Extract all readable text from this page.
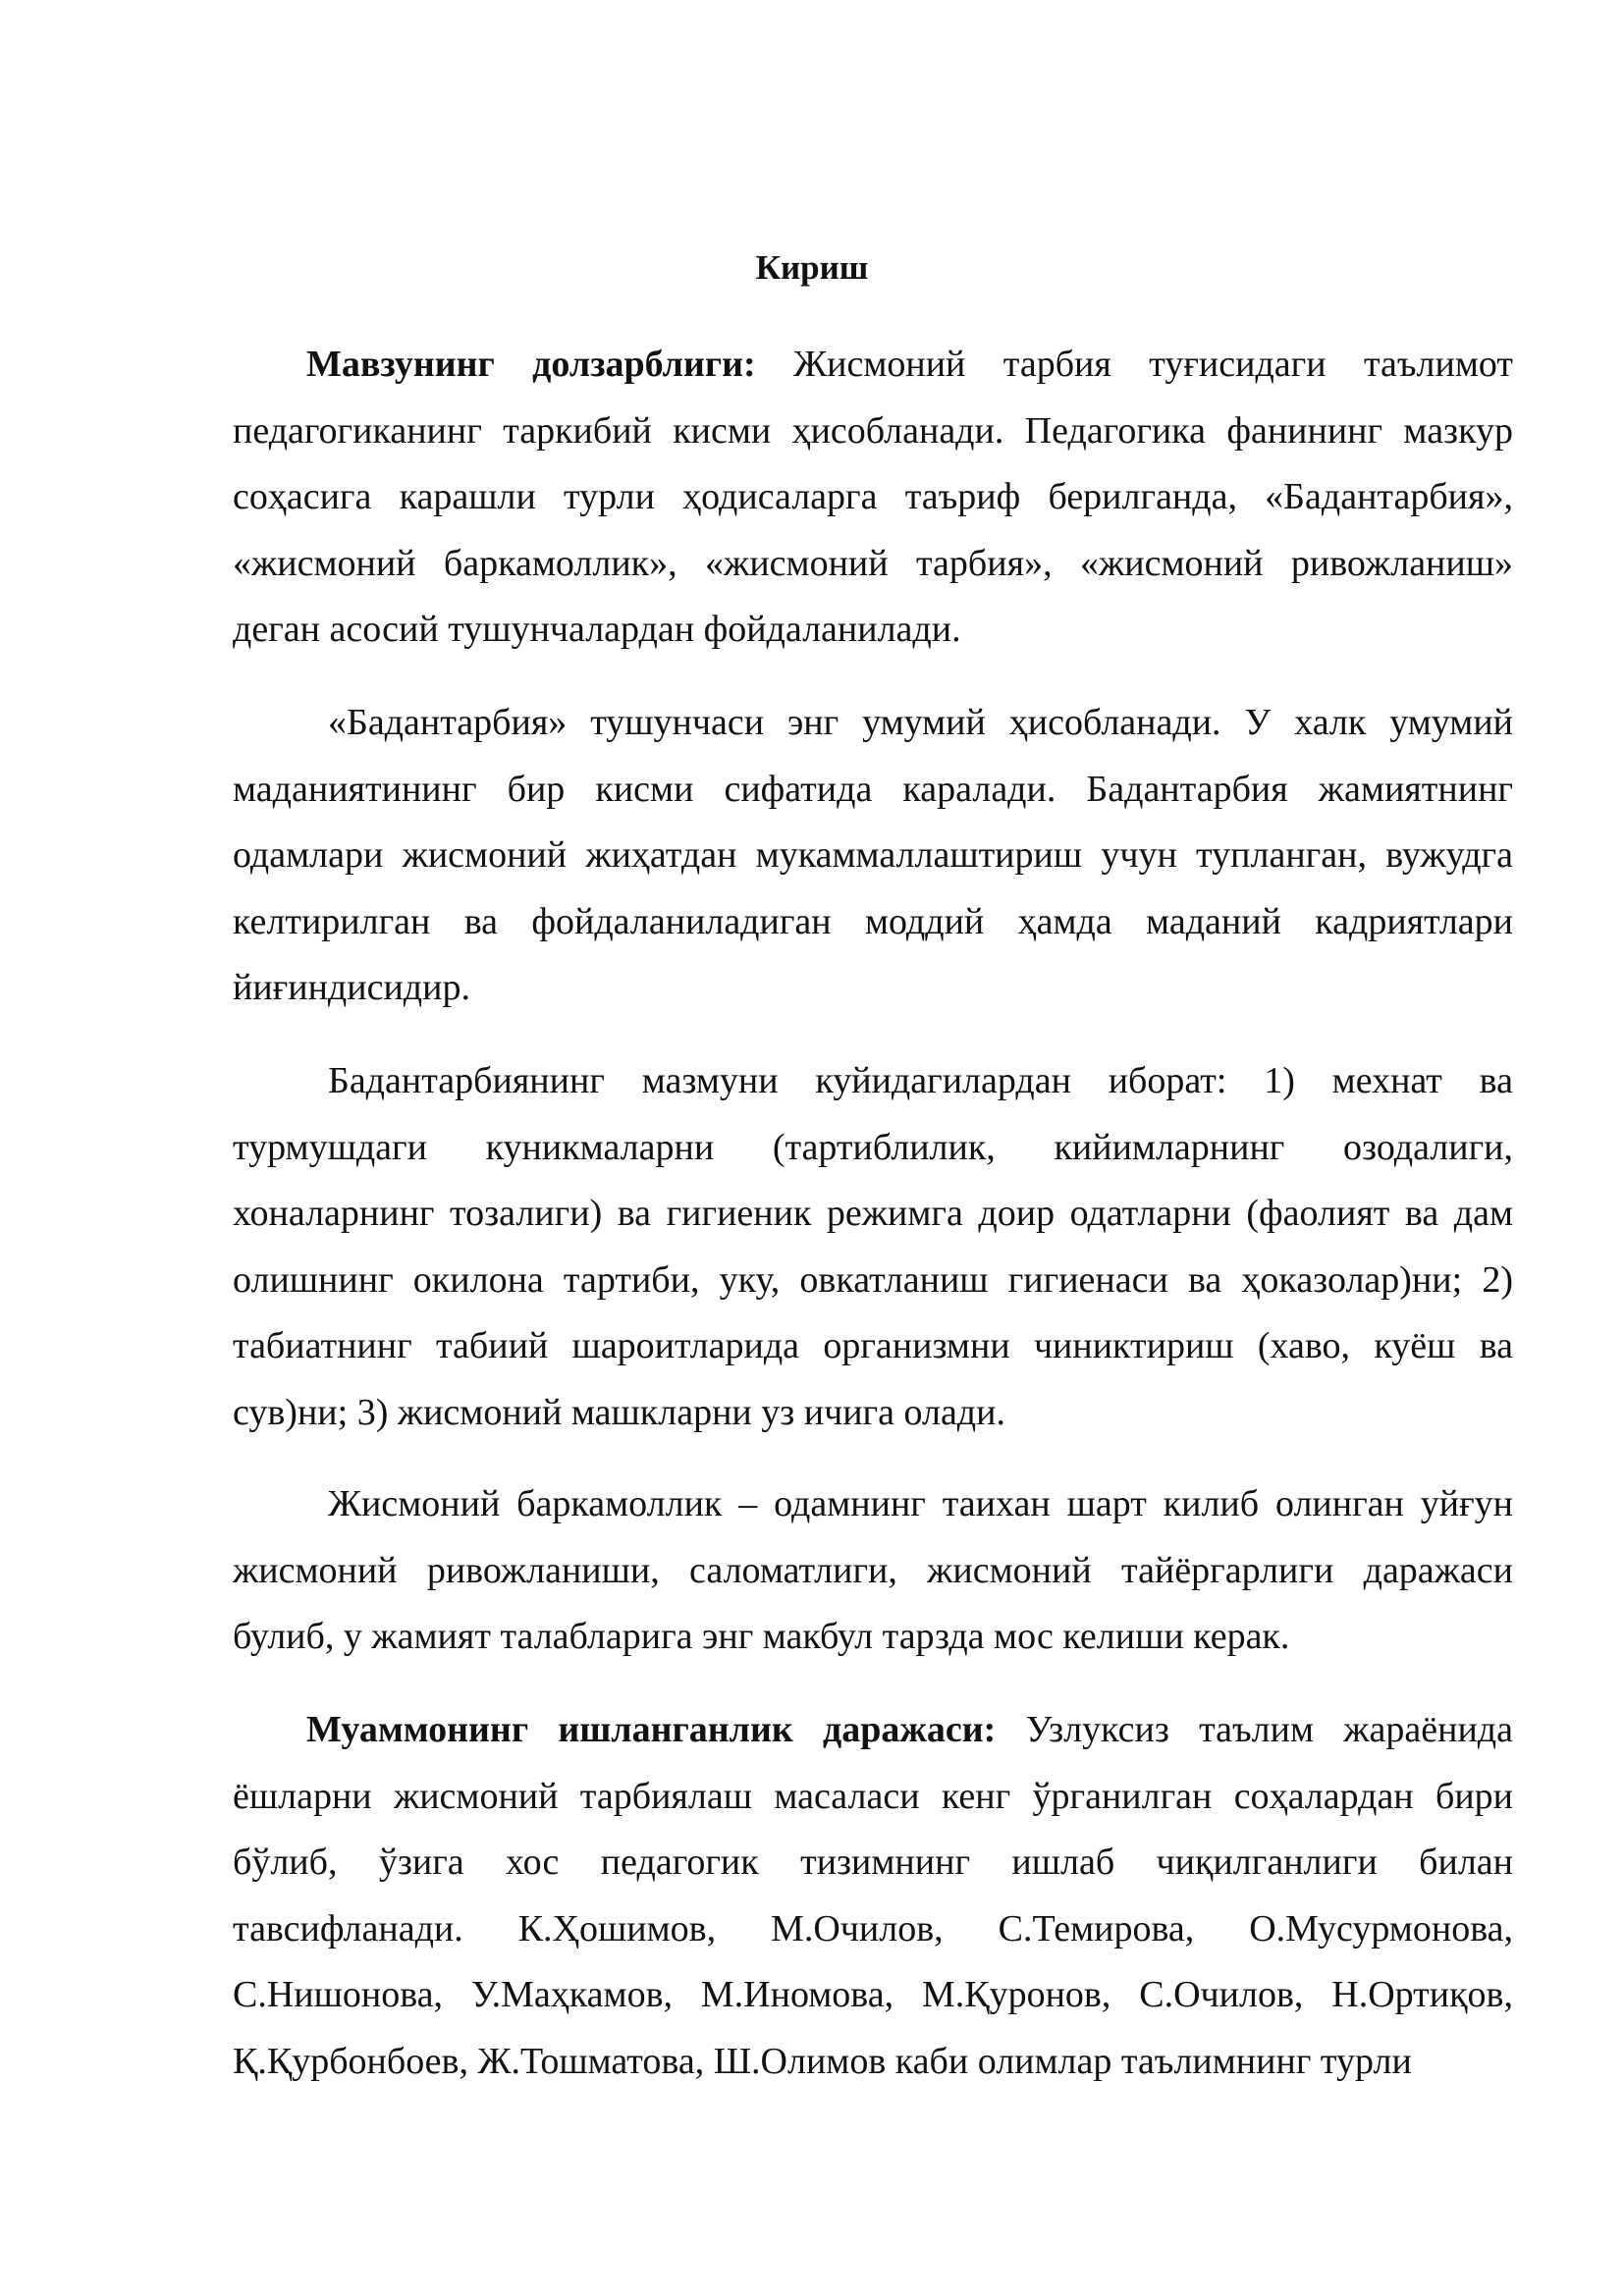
Кириш

Мавзунинг долзарблиги: Жисмоний тарбия туғисидаги таълимот педагогиканинг таркибий кисми ҳисобланади. Педагогика фанининг мазкур соҳасига карашли турли ҳодисаларга таъриф берилганда, «Бадантарбия», «жисмоний баркамоллик», «жисмоний тарбия», «жисмоний ривожланиш» деган асосий тушунчалардан фойдаланилади.

«Бадантарбия» тушунчаси энг умумий ҳисобланади. У халк умумий маданиятининг бир кисми сифатида каралади. Бадантарбия жамиятнинг одамлари жисмоний жиҳатдан мукаммаллаштириш учун тупланган, вужудга келтирилган ва фойдаланиладиган моддий ҳамда маданий кадриятлари йиғиндисидир.

Бадантарбиянинг мазмуни куйидагилардан иборат: 1) мехнат ва турмушдаги куникмаларни (тартиблилик, кийимларнинг озодалиги, хоналарнинг тозалиги) ва гигиеник режимга доир одатларни (фаолият ва дам олишнинг окилона тартиби, уку, овкатланиш гигиенаси ва ҳоказолар)ни; 2) табиатнинг табиий шароитларида организмни чиниктириш (хаво, куёш ва сув)ни; 3) жисмоний машкларни уз ичига олади.

Жисмоний баркамоллик – одамнинг таихан шарт килиб олинган уйғун жисмоний ривожланиши, саломатлиги, жисмоний тайёргарлиги даражаси булиб, у жамият талабларига энг макбул тарзда мос келиши керак.

Муаммонинг ишланганлик даражаси: Узлуксиз таълим жараёнида ёшларни жисмоний тарбиялаш масаласи кенг ўрганилган соҳалардан бири бўлиб, ўзига хос педагогик тизимнинг ишлаб чиқилганлиги билан тавсифланади. К.Ҳошимов, М.Очилов, С.Темирова, О.Мусурмонова, С.Нишонова, У.Маҳкамов, М.Иномова, М.Қуронов, С.Очилов, Н.Ортиқов, Қ.Қурбонбоев, Ж.Тошматова, Ш.Олимов каби олимлар таълимнинг турли
